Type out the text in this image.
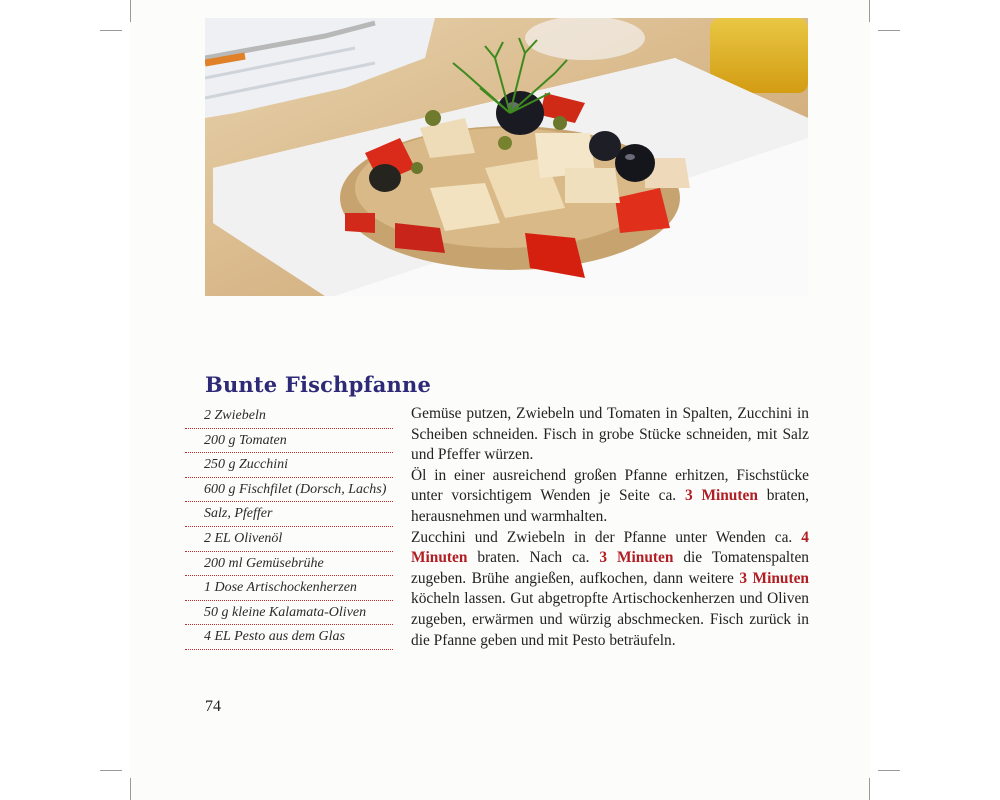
Bunte Fischpfanne
2 Zwiebeln
200 g Tomaten
250 g Zucchini
600 g Fischfilet (Dorsch, Lachs)
Salz, Pfeffer
2 EL Olivenöl
200 ml Gemüsebrühe
1 Dose Artischockenherzen
50 g kleine Kalamata-Oliven
4 EL Pesto aus dem Glas

Gemüse putzen, Zwiebeln und Tomaten in Spalten, Zucchini in Scheiben schneiden. Fisch in grobe Stücke schneiden, mit Salz und Pfeffer würzen.

Öl in einer ausreichend großen Pfanne erhitzen, Fischstücke unter vorsichtigem Wenden je Seite ca. 3 Minuten braten, herausnehmen und warmhalten.

Zucchini und Zwiebeln in der Pfanne unter Wenden ca. 4 Minuten braten. Nach ca. 3 Minuten die Tomatenspalten zugeben. Brühe angießen, aufkochen, dann weitere 3 Minuten köcheln lassen. Gut abgetropfte Artischockenherzen und Oliven zugeben, erwärmen und würzig abschmecken. Fisch zurück in die Pfanne geben und mit Pesto beträufeln.

74
